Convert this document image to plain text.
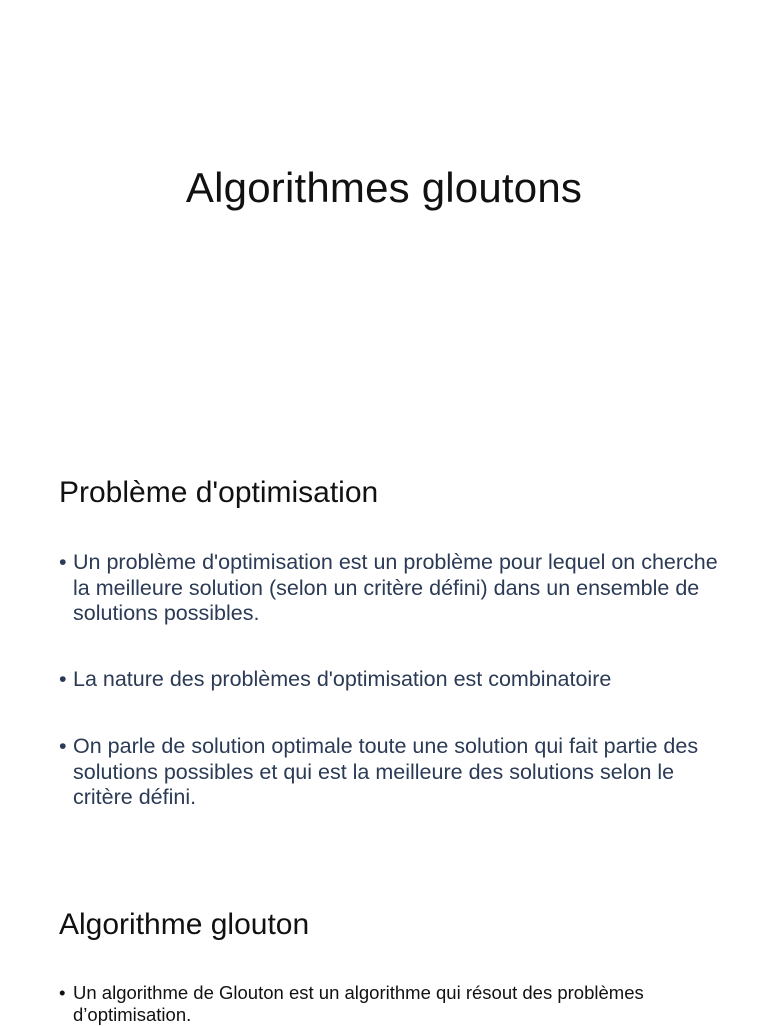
Algorithmes gloutons
Problème d'optimisation
• Un problème d'optimisation est un problème pour lequel on cherche la meilleure solution (selon un critère défini) dans un ensemble de solutions possibles.
• La nature des problèmes d'optimisation est combinatoire
• On parle de solution optimale toute une solution qui fait partie des solutions possibles et qui est la meilleure des solutions selon le critère défini.
Algorithme glouton
• Un algorithme de Glouton est un algorithme qui résout des problèmes d’optimisation.
